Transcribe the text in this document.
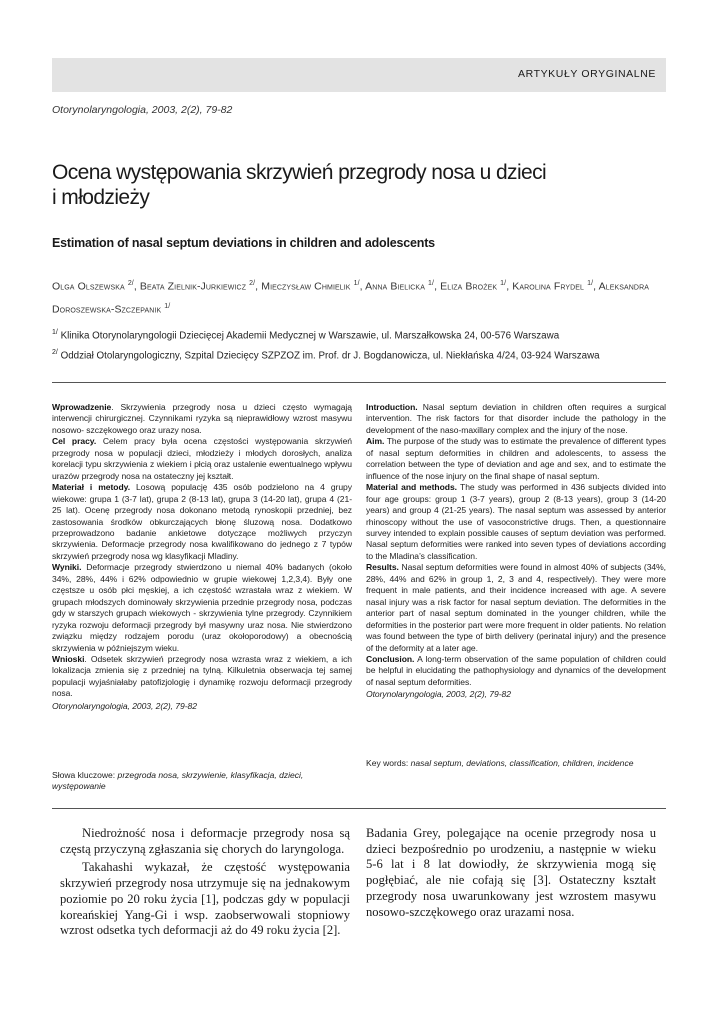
ARTYKUŁY ORYGINALNE
Otorynolaryngologia, 2003, 2(2), 79-82
Ocena występowania skrzywień przegrody nosa u dzieci
i młodzieży
Estimation of nasal septum deviations in children and adolescents
Olga Olszewska $^{2/}$, Beata Zielnik-Jurkiewicz $^{2/}$, Mieczysław Chmielik $^{1/}$, Anna Bielicka $^{1/}$, Eliza Brożek $^{1/}$, Karolina Frydel $^{1/}$, Aleksandra Doroszewska-Szczepanik $^{1/}$
$^{1/}$ Klinika Otorynolaryngologii Dziecięcej Akademii Medycznej w Warszawie, ul. Marszałkowska 24, 00-576 Warszawa
$^{2/}$ Oddział Otolaryngologiczny, Szpital Dziecięcy SZPZOZ im. Prof. dr J. Bogdanowicza, ul. Niekłańska 4/24, 03-924 Warszawa

Wprowadzenie. Skrzywienia przegrody nosa u dzieci często wymagają interwencji chirurgicznej. Czynnikami ryzyka są nieprawidłowy wzrost masywu nosowo- szczękowego oraz urazy nosa.

Cel pracy. Celem pracy była ocena częstości występowania skrzywień przegrody nosa w populacji dzieci, młodzieży i młodych dorosłych, analiza korelacji typu skrzywienia z wiekiem i płcią oraz ustalenie ewentualnego wpływu urazów przegrody nosa na ostateczny jej kształt.

Materiał i metody. Losową populację 435 osób podzielono na 4 grupy wiekowe: grupa 1 (3-7 lat), grupa 2 (8-13 lat), grupa 3 (14-20 lat), grupa 4 (21-25 lat). Ocenę przegrody nosa dokonano metodą rynoskopii przedniej, bez zastosowania środków obkurczających błonę śluzową nosa. Dodatkowo przeprowadzono badanie ankietowe dotyczące możliwych przyczyn skrzywienia. Deformacje przegrody nosa kwalifikowano do jednego z 7 typów skrzywień przegrody nosa wg klasyfikacji Mladiny.

Wyniki. Deformacje przegrody stwierdzono u niemal 40% badanych (około 34%, 28%, 44% i 62% odpowiednio w grupie wiekowej 1,2,3,4). Były one częstsze u osób płci męskiej, a ich częstość wzrastała wraz z wiekiem. W grupach młodszych dominowały skrzywienia przednie przegrody nosa, podczas gdy w starszych grupach wiekowych - skrzywienia tylne przegrody. Czynnikiem ryzyka rozwoju deformacji przegrody był masywny uraz nosa. Nie stwierdzono związku między rodzajem porodu (uraz okołoporodowy) a obecnością skrzywienia w późniejszym wieku.

Wnioski. Odsetek skrzywień przegrody nosa wzrasta wraz z wiekiem, a ich lokalizacja zmienia się z przedniej na tylną. Kilkuletnia obserwacja tej samej populacji wyjaśniałaby patofizjologię i dynamikę rozwoju deformacji przegrody nosa.

Otorynolaryngologia, 2003, 2(2), 79-82
Słowa kluczowe: przegroda nosa, skrzywienie, klasyfikacja, dzieci, występowanie

Introduction. Nasal septum deviation in children often requires a surgical intervention. The risk factors for that disorder include the pathology in the development of the naso-maxillary complex and the injury of the nose.

Aim. The purpose of the study was to estimate the prevalence of different types of nasal septum deformities in children and adolescents, to assess the correlation between the type of deviation and age and sex, and to estimate the influence of the nose injury on the final shape of nasal septum.

Material and methods. The study was performed in 436 subjects divided into four age groups: group 1 (3-7 years), group 2 (8-13 years), group 3 (14-20 years) and group 4 (21-25 years). The nasal septum was assessed by anterior rhinoscopy without the use of vasoconstrictive drugs. Then, a questionnaire survey intended to explain possible causes of septum deviation was performed. Nasal septum deformities were ranked into seven types of deviations according to the Mladina’s classification.

Results. Nasal septum deformities were found in almost 40% of subjects (34%, 28%, 44% and 62% in group 1, 2, 3 and 4, respectively). They were more frequent in male patients, and their incidence increased with age. A severe nasal injury was a risk factor for nasal septum deviation. The deformities in the anterior part of nasal septum dominated in the younger children, while the deformities in the posterior part were more frequent in older patients. No relation was found between the type of birth delivery (perinatal injury) and the presence of the deformity at a later age.

Conclusion. A long-term observation of the same population of children could be helpful in elucidating the pathophysiology and dynamics of the development of nasal septum deformities.

Otorynolaryngologia, 2003, 2(2), 79-82
Key words: nasal septum, deviations, classification, children, incidence

Niedrożność nosa i deformacje przegrody nosa są częstą przyczyną zgłaszania się chorych do laryngologa.

Takahashi wykazał, że częstość występowania skrzywień przegrody nosa utrzymuje się na jednakowym poziomie po 20 roku życia [1], podczas gdy w populacji koreańskiej Yang-Gi i wsp. zaobserwowali stopniowy wzrost odsetka tych deformacji aż do 49 roku życia [2].

Badania Grey, polegające na ocenie przegrody nosa u dzieci bezpośrednio po urodzeniu, a następnie w wieku 5-6 lat i 8 lat dowiodły, że skrzywienia mogą się pogłębiać, ale nie cofają się [3]. Ostateczny kształt przegrody nosa uwarunkowany jest wzrostem masywu nosowo-szczękowego oraz urazami nosa.
